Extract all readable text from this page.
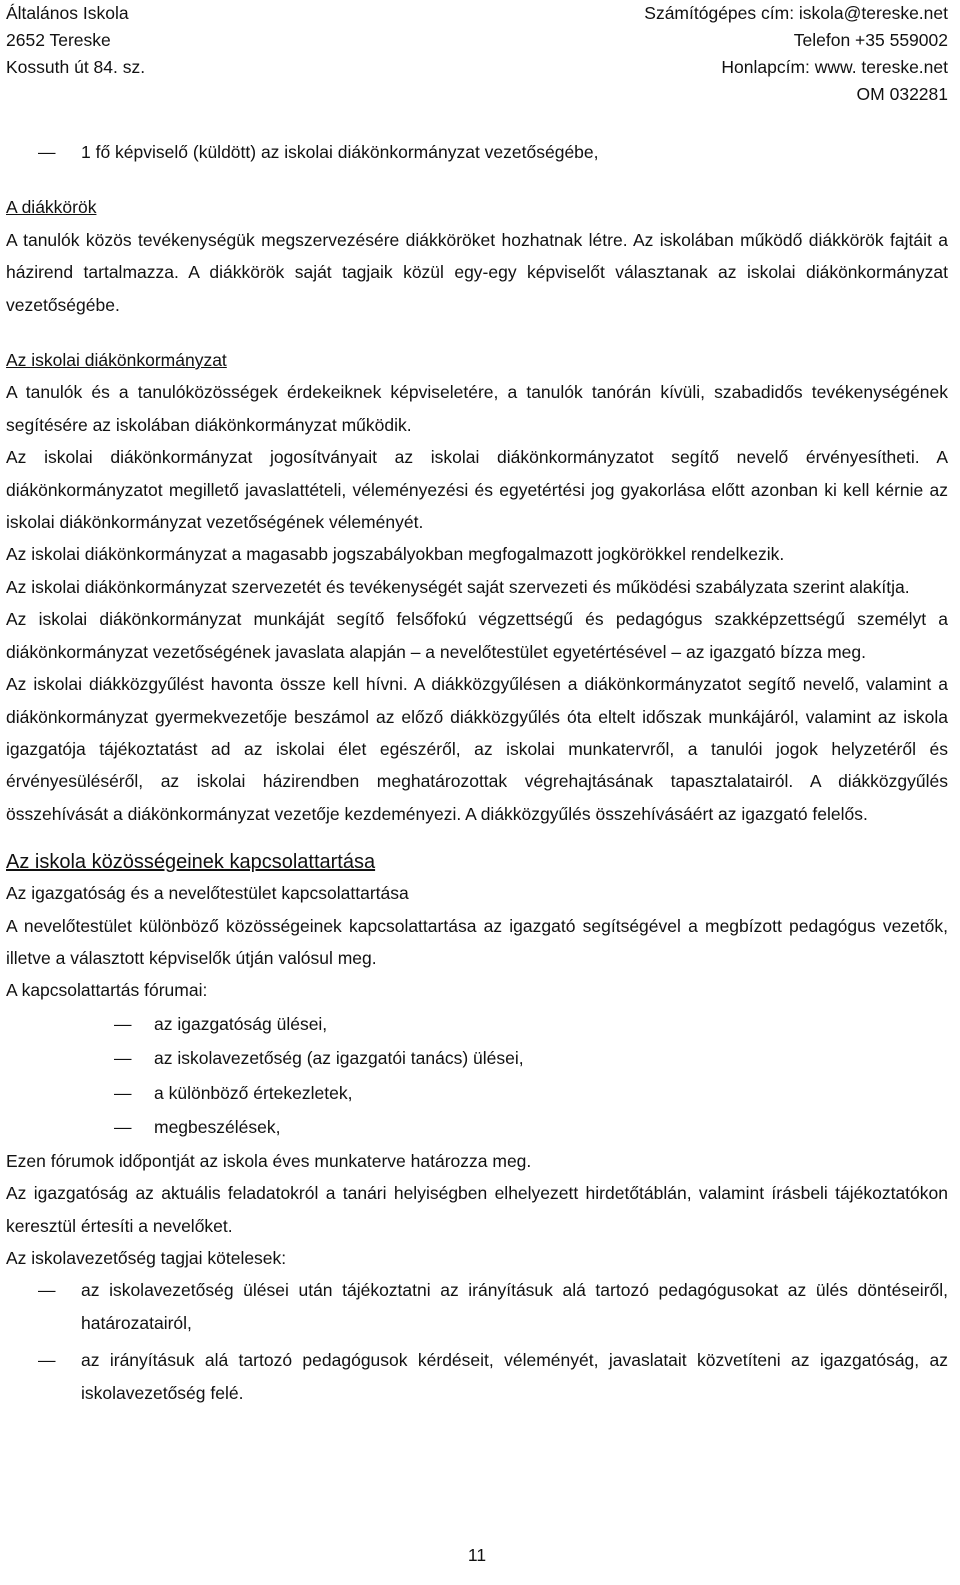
Általános Iskola
2652 Tereske
Kossuth út 84. sz.
Számítógépes cím: iskola@tereske.net
Telefon +35 559002
Honlapcím: www. tereske.net
OM 032281
— 1 fő képviselő (küldött) az iskolai diákönkormányzat vezetőségébe,

A diákkörök

A tanulók közös tevékenységük megszervezésére diákköröket hozhatnak létre. Az iskolában működő diákkörök fajtáit a házirend tartalmazza. A diákkörök saját tagjaik közül egy-egy képviselőt választanak az iskolai diákönkormányzat vezetőségébe.

Az iskolai diákönkormányzat

A tanulók és a tanulóközösségek érdekeiknek képviseletére, a tanulók tanórán kívüli, szabadidős tevékenységének segítésére az iskolában diákönkormányzat működik.

Az iskolai diákönkormányzat jogosítványait az iskolai diákönkormányzatot segítő nevelő érvényesítheti. A diákönkormányzatot megillető javaslattételi, véleményezési és egyetértési jog gyakorlása előtt azonban ki kell kérnie az iskolai diákönkormányzat vezetőségének véleményét.

Az iskolai diákönkormányzat a magasabb jogszabályokban megfogalmazott jogkörökkel rendelkezik.

Az iskolai diákönkormányzat szervezetét és tevékenységét saját szervezeti és működési szabályzata szerint alakítja.

Az iskolai diákönkormányzat munkáját segítő felsőfokú végzettségű és pedagógus szakképzettségű személyt a diákönkormányzat vezetőségének javaslata alapján – a nevelőtestület egyetértésével – az igazgató bízza meg.

Az iskolai diákközgyűlést havonta össze kell hívni. A diákközgyűlésen a diákönkormányzatot segítő nevelő, valamint a diákönkormányzat gyermekvezetője beszámol az előző diákközgyűlés óta eltelt időszak munkájáról, valamint az iskola igazgatója tájékoztatást ad az iskolai élet egészéről, az iskolai munkatervről, a tanulói jogok helyzetéről és érvényesüléséről, az iskolai házirendben meghatározottak végrehajtásának tapasztalatairól. A diákközgyűlés összehívását a diákönkormányzat vezetője kezdeményezi. A diákközgyűlés összehívásáért az igazgató felelős.

Az iskola közösségeinek kapcsolattartása

Az igazgatóság és a nevelőtestület kapcsolattartása

A nevelőtestület különböző közösségeinek kapcsolattartása az igazgató segítségével a megbízott pedagógus vezetők, illetve a választott képviselők útján valósul meg.

A kapcsolattartás fórumai:

— az igazgatóság ülései,
— az iskolavezetőség (az igazgatói tanács) ülései,
— a különböző értekezletek,
— megbeszélések,

Ezen fórumok időpontját az iskola éves munkaterve határozza meg.

Az igazgatóság az aktuális feladatokról a tanári helyiségben elhelyezett hirdetőtáblán, valamint írásbeli tájékoztatókon keresztül értesíti a nevelőket.

Az iskolavezetőség tagjai kötelesek:

— az iskolavezetőség ülései után tájékoztatni az irányításuk alá tartozó pedagógusokat az ülés döntéseiről, határozatairól,
— az irányításuk alá tartozó pedagógusok kérdéseit, véleményét, javaslatait közvetíteni az igazgatóság, az iskolavezetőség felé.
11
